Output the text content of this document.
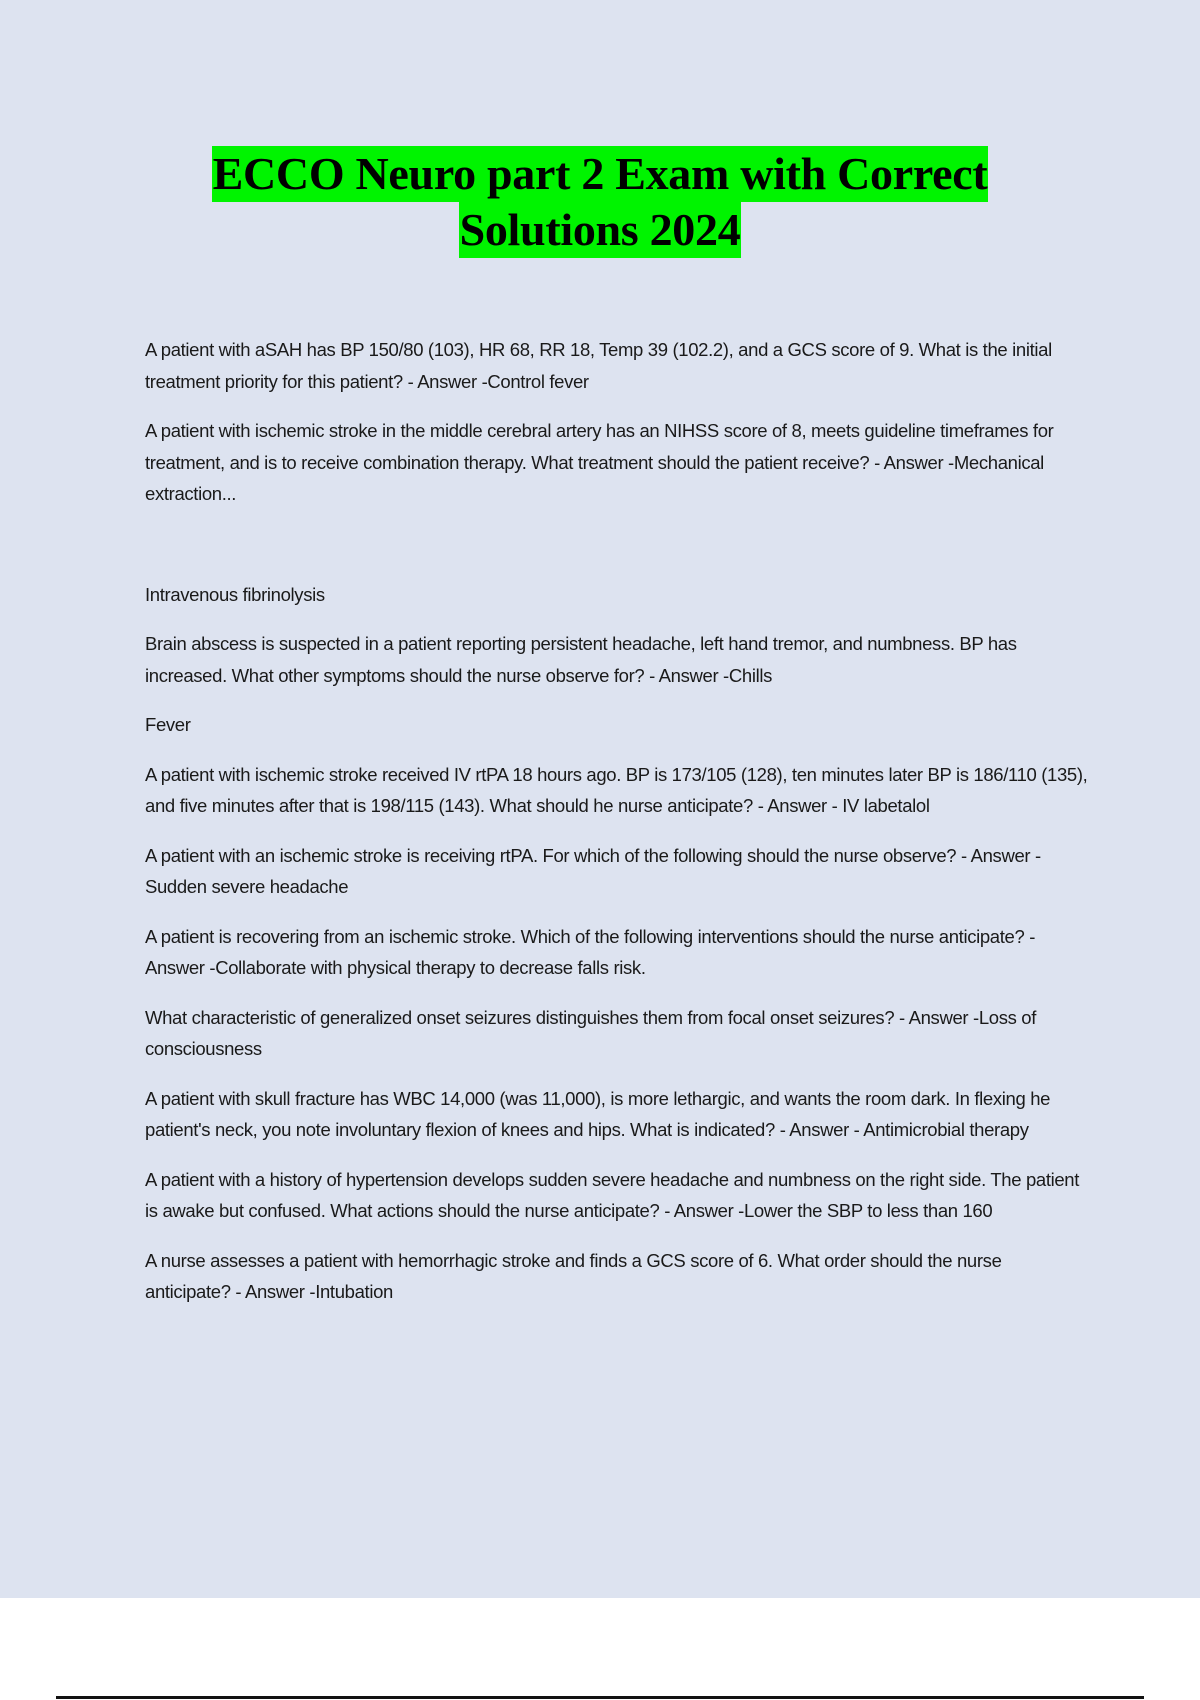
ECCO Neuro part 2 Exam with Correct
Solutions 2024

A patient with aSAH has BP 150/80 (103), HR 68, RR 18, Temp 39 (102.2), and a GCS score of 9. What is the initial treatment priority for this patient? - Answer -Control fever

A patient with ischemic stroke in the middle cerebral artery has an NIHSS score of 8, meets guideline timeframes for treatment, and is to receive combination therapy. What treatment should the patient receive? - Answer -Mechanical extraction...

Intravenous fibrinolysis

Brain abscess is suspected in a patient reporting persistent headache, left hand tremor, and numbness. BP has increased. What other symptoms should the nurse observe for? - Answer -Chills

Fever

A patient with ischemic stroke received IV rtPA 18 hours ago. BP is 173/105 (128), ten minutes later BP is 186/110 (135), and five minutes after that is 198/115 (143). What should he nurse anticipate? - Answer - IV labetalol

A patient with an ischemic stroke is receiving rtPA. For which of the following should the nurse observe? - Answer -Sudden severe headache

A patient is recovering from an ischemic stroke. Which of the following interventions should the nurse anticipate? - Answer -Collaborate with physical therapy to decrease falls risk.

What characteristic of generalized onset seizures distinguishes them from focal onset seizures? - Answer -Loss of consciousness

A patient with skull fracture has WBC 14,000 (was 11,000), is more lethargic, and wants the room dark. In flexing he patient's neck, you note involuntary flexion of knees and hips. What is indicated? - Answer - Antimicrobial therapy

A patient with a history of hypertension develops sudden severe headache and numbness on the right side. The patient is awake but confused. What actions should the nurse anticipate? - Answer -Lower the SBP to less than 160

A nurse assesses a patient with hemorrhagic stroke and finds a GCS score of 6. What order should the nurse anticipate? - Answer -Intubation
